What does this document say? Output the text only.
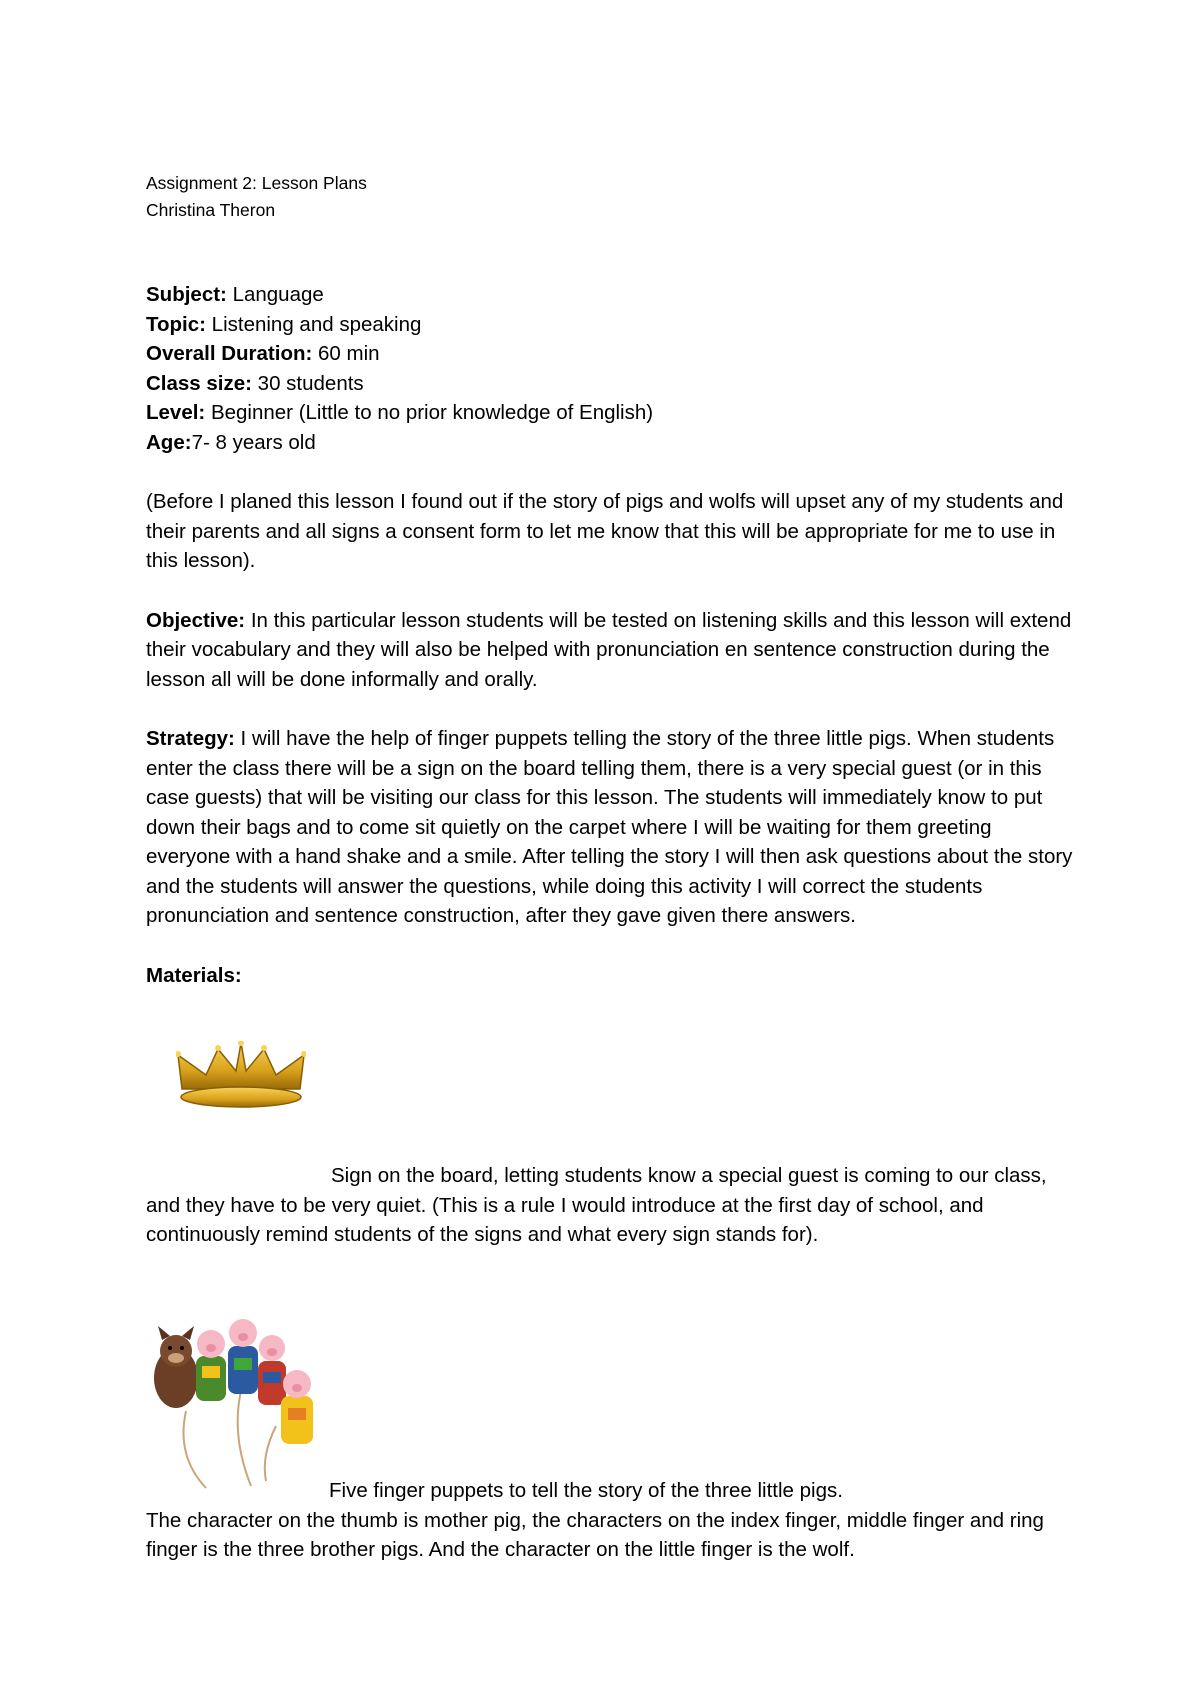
Assignment 2: Lesson Plans

Christina Theron

Subject: Language

Topic: Listening and speaking

Overall Duration: 60 min

Class size: 30 students

Level: Beginner (Little to no prior knowledge of English)

Age:7- 8 years old

(Before I planed this lesson I found out if the story of pigs and wolfs will upset any of my students and their parents and all signs a consent form to let me know that this will be appropriate for me to use in this lesson).

Objective: In this particular lesson students will be tested on listening skills and this lesson will extend their vocabulary and they will also be helped with pronunciation en sentence construction during the lesson all will be done informally and orally.

Strategy: I will have the help of finger puppets telling the story of the three little pigs. When students enter the class there will be a sign on the board telling them, there is a very special guest (or in this case guests) that will be visiting our class for this lesson. The students will immediately know to put down their bags and to come sit quietly on the carpet where I will be waiting for them greeting everyone with a hand shake and a smile. After telling the story I will then ask questions about the story and the students will answer the questions, while doing this activity I will correct the students pronunciation and sentence construction, after they gave given there answers.

Materials:

Sign on the board, letting students know a special guest is coming to our class, and they have to be very quiet. (This is a rule I would introduce at the first day of school, and continuously remind students of the signs and what every sign stands for).

Five finger puppets to tell the story of the three little pigs.

The character on the thumb is mother pig, the characters on the index finger, middle finger and ring finger is the three brother pigs. And the character on the little finger is the wolf.
